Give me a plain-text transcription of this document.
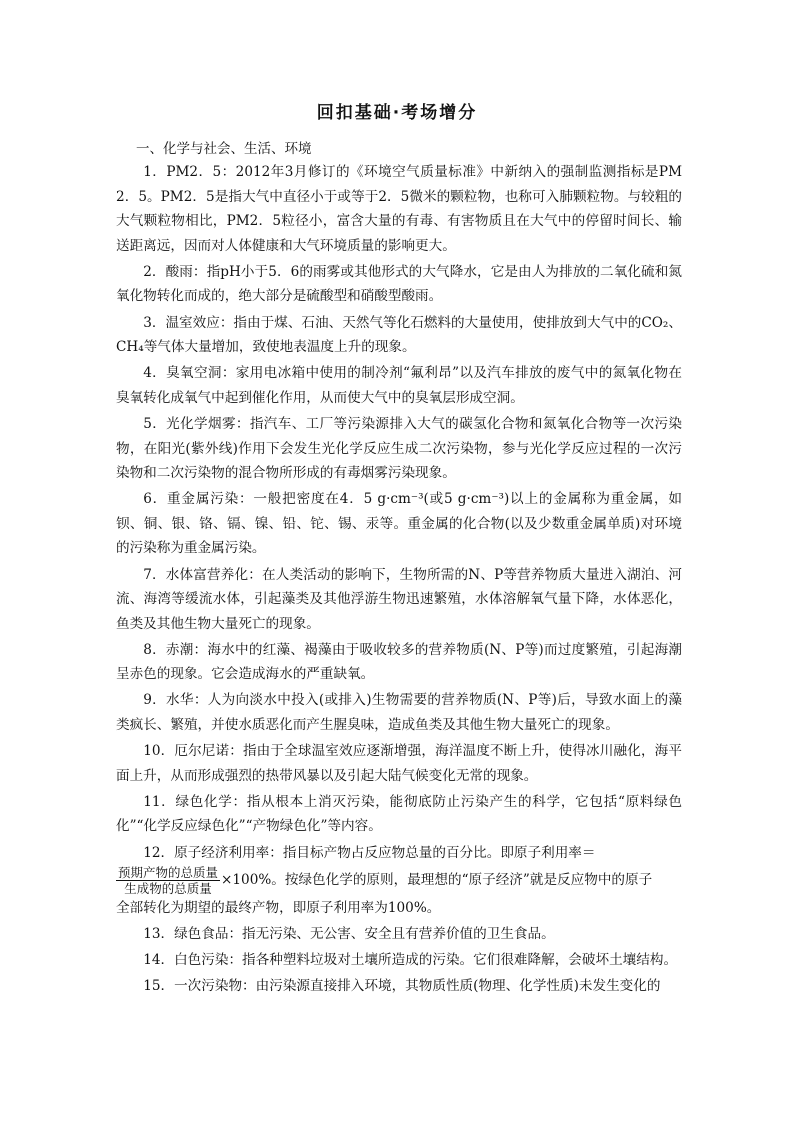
回扣基础·考场增分
一、化学与社会、生活、环境

1．PM2．5：2012年3月修订的《环境空气质量标准》中新纳入的强制监测指标是PM2．5。PM2．5是指大气中直径小于或等于2．5微米的颗粒物，也称可入肺颗粒物。与较粗的大气颗粒物相比，PM2．5粒径小，富含大量的有毒、有害物质且在大气中的停留时间长、输送距离远，因而对人体健康和大气环境质量的影响更大。

2．酸雨：指pH小于5．6的雨雾或其他形式的大气降水，它是由人为排放的二氧化硫和氮氧化物转化而成的，绝大部分是硫酸型和硝酸型酸雨。

3．温室效应：指由于煤、石油、天然气等化石燃料的大量使用，使排放到大气中的CO₂、CH₄等气体大量增加，致使地表温度上升的现象。

4．臭氧空洞：家用电冰箱中使用的制冷剂“氟利昂”以及汽车排放的废气中的氮氧化物在臭氧转化成氧气中起到催化作用，从而使大气中的臭氧层形成空洞。

5．光化学烟雾：指汽车、工厂等污染源排入大气的碳氢化合物和氮氧化合物等一次污染物，在阳光(紫外线)作用下会发生光化学反应生成二次污染物，参与光化学反应过程的一次污染物和二次污染物的混合物所形成的有毒烟雾污染现象。

6．重金属污染：一般把密度在4．5 g·cm⁻³(或5 g·cm⁻³)以上的金属称为重金属，如钡、铜、银、铬、镉、镍、铅、铊、锡、汞等。重金属的化合物(以及少数重金属单质)对环境的污染称为重金属污染。

7．水体富营养化：在人类活动的影响下，生物所需的N、P等营养物质大量进入湖泊、河流、海湾等缓流水体，引起藻类及其他浮游生物迅速繁殖，水体溶解氧气量下降，水体恶化，鱼类及其他生物大量死亡的现象。

8．赤潮：海水中的红藻、褐藻由于吸收较多的营养物质(N、P等)而过度繁殖，引起海潮呈赤色的现象。它会造成海水的严重缺氧。

9．水华：人为向淡水中投入(或排入)生物需要的营养物质(N、P等)后，导致水面上的藻类疯长、繁殖，并使水质恶化而产生腥臭味，造成鱼类及其他生物大量死亡的现象。

10．厄尔尼诺：指由于全球温室效应逐渐增强，海洋温度不断上升，使得冰川融化，海平面上升，从而形成强烈的热带风暴以及引起大陆气候变化无常的现象。

11．绿色化学：指从根本上消灭污染，能彻底防止污染产生的科学，它包括“原料绿色化”“化学反应绿色化”“产物绿色化”等内容。

12．原子经济利用率：指目标产物占反应物总量的百分比。即原子利用率＝

$\frac{\text{预期产物的总质量}}{\text{生成物的总质量}} \times 100\%$。按绿色化学的原则，最理想的“原子经济”就是反应物中的原子

全部转化为期望的最终产物，即原子利用率为100%。

13．绿色食品：指无污染、无公害、安全且有营养价值的卫生食品。

14．白色污染：指各种塑料垃圾对土壤所造成的污染。它们很难降解，会破坏土壤结构。

15．一次污染物：由污染源直接排入环境，其物质性质(物理、化学性质)未发生变化的
